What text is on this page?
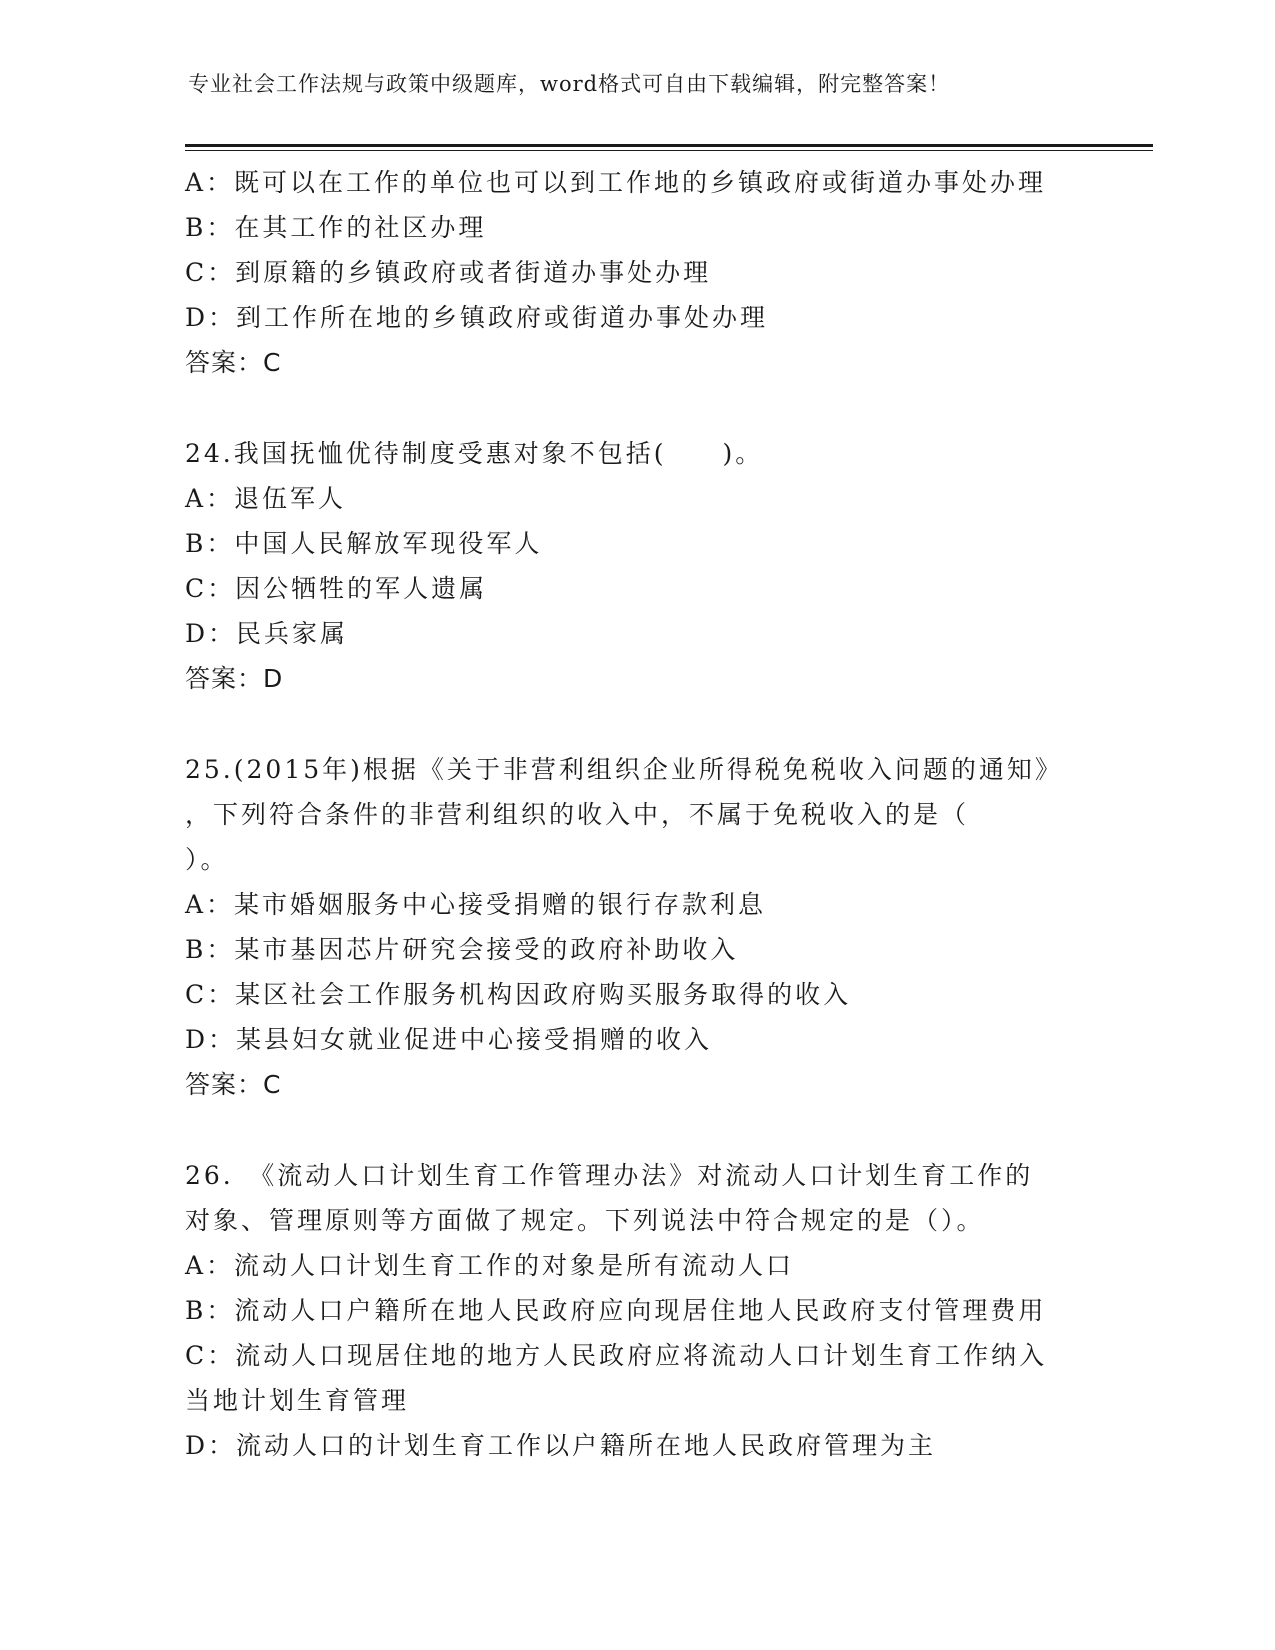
专业社会工作法规与政策中级题库，word格式可自由下载编辑，附完整答案！
A：既可以在工作的单位也可以到工作地的乡镇政府或街道办事处办理
B：在其工作的社区办理
C：到原籍的乡镇政府或者街道办事处办理
D：到工作所在地的乡镇政府或街道办事处办理
答案：C
24.我国抚恤优待制度受惠对象不包括(　　)。
A：退伍军人
B：中国人民解放军现役军人
C：因公牺牲的军人遗属
D：民兵家属
答案：D
25.(2015年)根据《关于非营利组织企业所得税免税收入问题的通知》
，下列符合条件的非营利组织的收入中，不属于免税收入的是（
）。
A：某市婚姻服务中心接受捐赠的银行存款利息
B：某市基因芯片研究会接受的政府补助收入
C：某区社会工作服务机构因政府购买服务取得的收入
D：某县妇女就业促进中心接受捐赠的收入
答案：C
26.　《流动人口计划生育工作管理办法》对流动人口计划生育工作的
对象、管理原则等方面做了规定。下列说法中符合规定的是（）。
A：流动人口计划生育工作的对象是所有流动人口
B：流动人口户籍所在地人民政府应向现居住地人民政府支付管理费用
C：流动人口现居住地的地方人民政府应将流动人口计划生育工作纳入
当地计划生育管理
D：流动人口的计划生育工作以户籍所在地人民政府管理为主
